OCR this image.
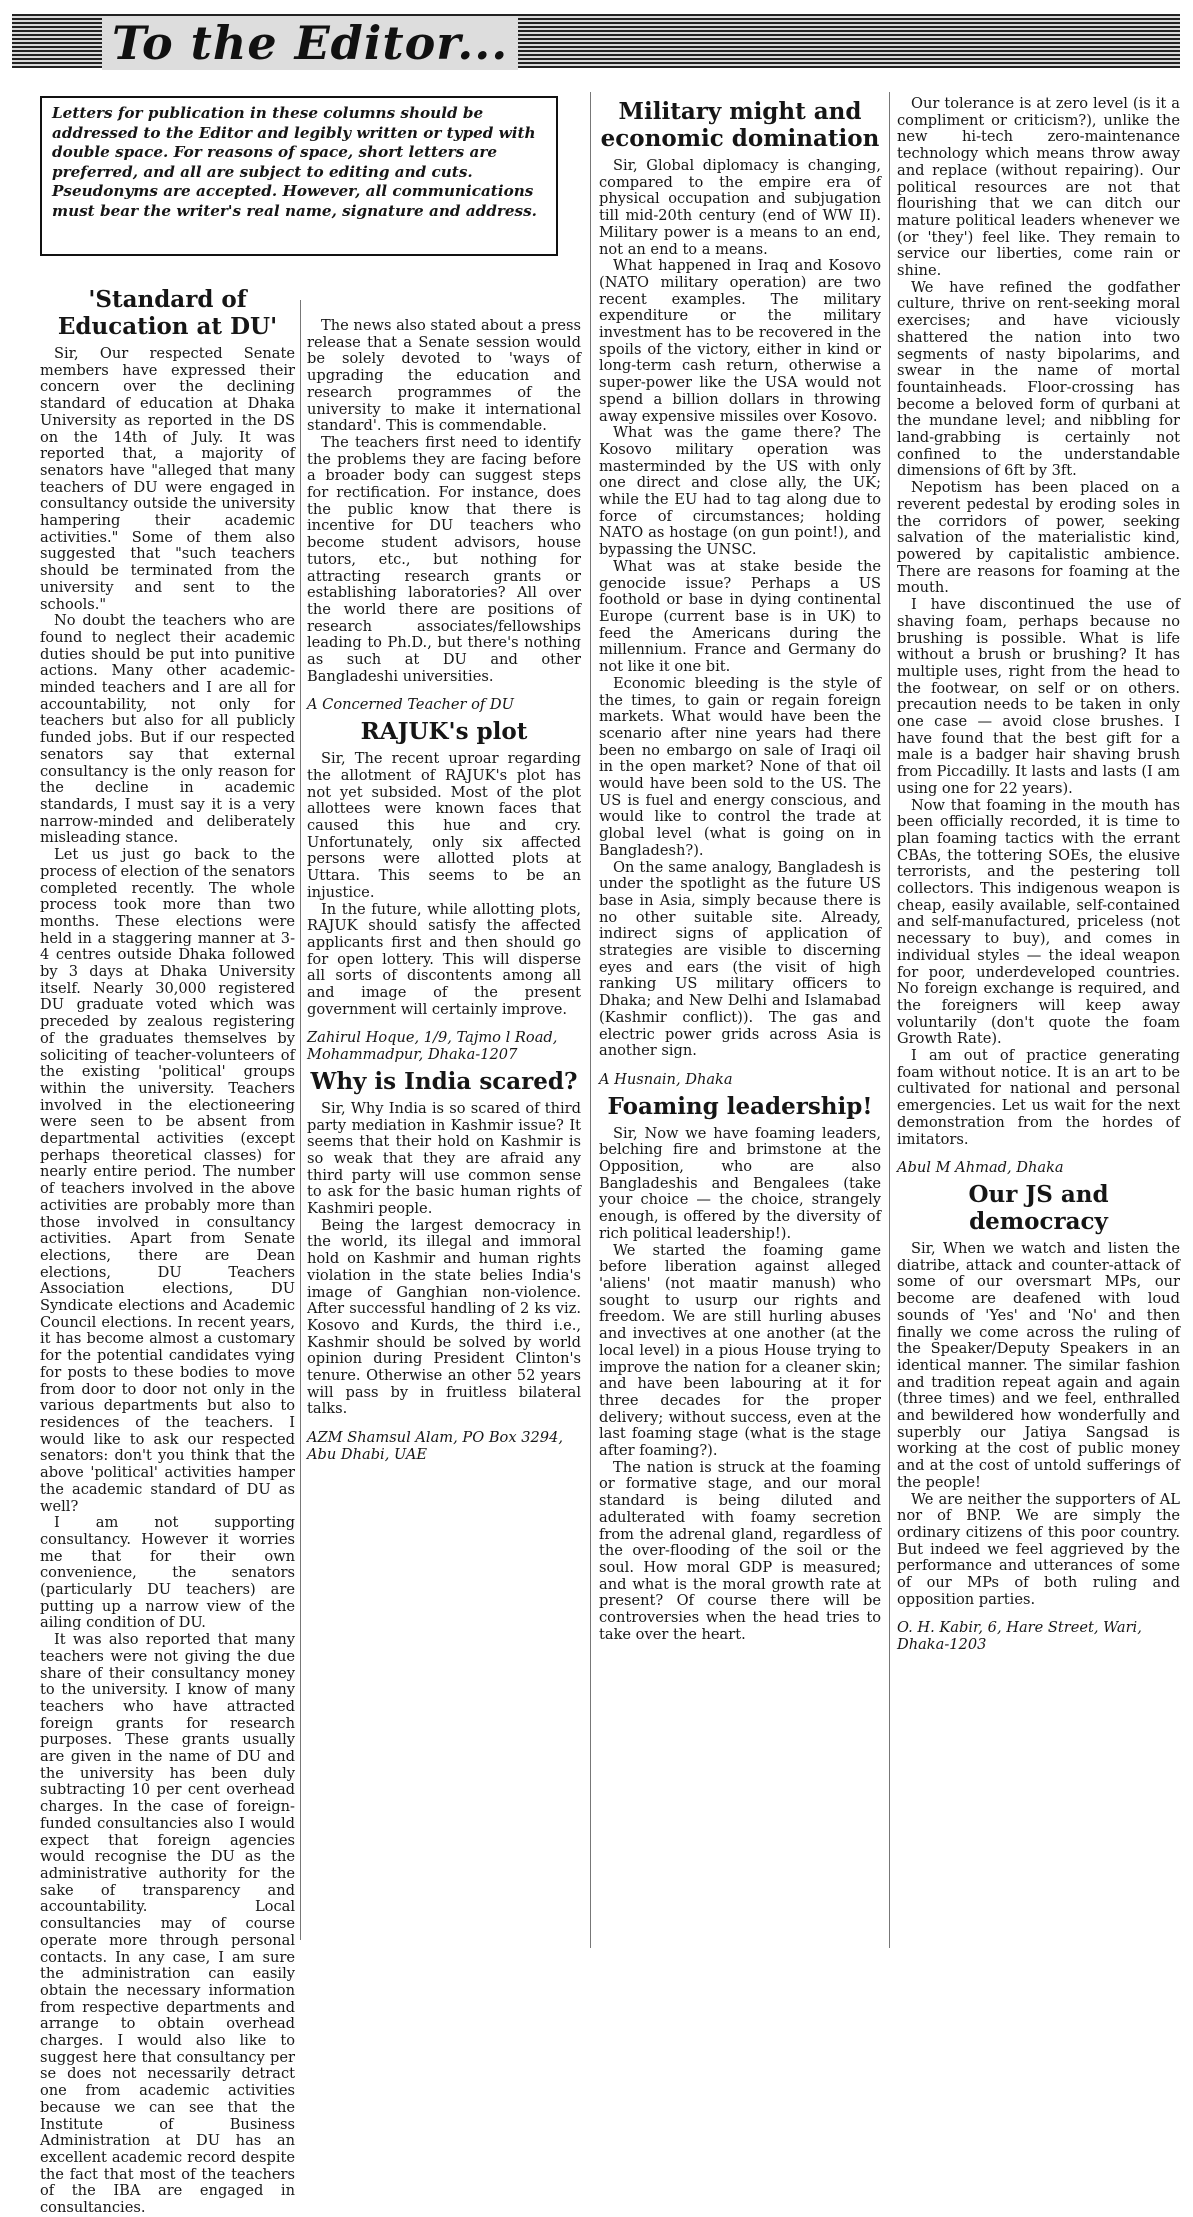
To the Editor...
Letters for publication in these columns should be addressed to the Editor and legibly written or typed with double space. For reasons of space, short letters are preferred, and all are subject to editing and cuts. Pseudonyms are accepted. However, all communications must bear the writer's real name, signature and address.
'Standard of Education at DU'

Sir, Our respected Senate members have expressed their concern over the declining standard of education at Dhaka University as reported in the DS on the 14th of July. It was reported that, a majority of senators have "alleged that many teachers of DU were engaged in consultancy outside the university hampering their academic activities." Some of them also suggested that "such teachers should be terminated from the university and sent to the schools."

No doubt the teachers who are found to neglect their academic duties should be put into punitive actions. Many other academic-minded teachers and I are all for accountability, not only for teachers but also for all publicly funded jobs. But if our respected senators say that external consultancy is the only reason for the decline in academic standards, I must say it is a very narrow-minded and deliberately misleading stance.

Let us just go back to the process of election of the senators completed recently. The whole process took more than two months. These elections were held in a staggering manner at 3-4 centres outside Dhaka followed by 3 days at Dhaka University itself. Nearly 30,000 registered DU graduate voted which was preceded by zealous registering of the graduates themselves by soliciting of teacher-volunteers of the existing 'political' groups within the university. Teachers involved in the electioneering were seen to be absent from departmental activities (except perhaps theoretical classes) for nearly entire period. The number of teachers involved in the above activities are probably more than those involved in consultancy activities. Apart from Senate elections, there are Dean elections, DU Teachers Association elections, DU Syndicate elections and Academic Council elections. In recent years, it has become almost a customary for the potential candidates vying for posts to these bodies to move from door to door not only in the various departments but also to residences of the teachers. I would like to ask our respected senators: don't you think that the above 'political' activities hamper the academic standard of DU as well?

I am not supporting consultancy. However it worries me that for their own convenience, the senators (particularly DU teachers) are putting up a narrow view of the ailing condition of DU.

It was also reported that many teachers were not giving the due share of their consultancy money to the university. I know of many teachers who have attracted foreign grants for research purposes. These grants usually are given in the name of DU and the university has been duly subtracting 10 per cent overhead charges. In the case of foreign-funded consultancies also I would expect that foreign agencies would recognise the DU as the administrative authority for the sake of transparency and accountability. Local consultancies may of course operate more through personal contacts. In any case, I am sure the administration can easily obtain the necessary information from respective departments and arrange to obtain overhead charges. I would also like to suggest here that consultancy per se does not necessarily detract one from academic activities because we can see that the Institute of Business Administration at DU has an excellent academic record despite the fact that most of the teachers of the IBA are engaged in consultancies.

The news also stated about a press release that a Senate session would be solely devoted to 'ways of upgrading the education and research programmes of the university to make it international standard'. This is commendable.

The teachers first need to identify the problems they are facing before a broader body can suggest steps for rectification. For instance, does the public know that there is incentive for DU teachers who become student advisors, house tutors, etc., but nothing for attracting research grants or establishing laboratories? All over the world there are positions of research associates/fellowships leading to Ph.D., but there's nothing as such at DU and other Bangladeshi universities.

A Concerned Teacher of DU

RAJUK's plot

Sir, The recent uproar regarding the allotment of RAJUK's plot has not yet subsided. Most of the plot allottees were known faces that caused this hue and cry. Unfortunately, only six affected persons were allotted plots at Uttara. This seems to be an injustice.

In the future, while allotting plots, RAJUK should satisfy the affected applicants first and then should go for open lottery. This will disperse all sorts of discontents among all and image of the present government will certainly improve.

Zahirul Hoque, 1/9, Tajmo l Road, Mohammadpur, Dhaka-1207

Why is India scared?

Sir, Why India is so scared of third party mediation in Kashmir issue? It seems that their hold on Kashmir is so weak that they are afraid any third party will use common sense to ask for the basic human rights of Kashmiri people.

Being the largest democracy in the world, its illegal and immoral hold on Kashmir and human rights violation in the state belies India's image of Ganghian non-violence. After successful handling of 2 ks viz. Kosovo and Kurds, the third i.e., Kashmir should be solved by world opinion during President Clinton's tenure. Otherwise an other 52 years will pass by in fruitless bilateral talks.

AZM Shamsul Alam, PO Box 3294, Abu Dhabi, UAE

Military might and economic domination

Sir, Global diplomacy is changing, compared to the empire era of physical occupation and subjugation till mid-20th century (end of WW II). Military power is a means to an end, not an end to a means.

What happened in Iraq and Kosovo (NATO military operation) are two recent examples. The military expenditure or the military investment has to be recovered in the spoils of the victory, either in kind or long-term cash return, otherwise a super-power like the USA would not spend a billion dollars in throwing away expensive missiles over Kosovo.

What was the game there? The Kosovo military operation was masterminded by the US with only one direct and close ally, the UK; while the EU had to tag along due to force of circumstances; holding NATO as hostage (on gun point!), and bypassing the UNSC.

What was at stake beside the genocide issue? Perhaps a US foothold or base in dying continental Europe (current base is in UK) to feed the Americans during the millennium. France and Germany do not like it one bit.

Economic bleeding is the style of the times, to gain or regain foreign markets. What would have been the scenario after nine years had there been no embargo on sale of Iraqi oil in the open market? None of that oil would have been sold to the US. The US is fuel and energy conscious, and would like to control the trade at global level (what is going on in Bangladesh?).

On the same analogy, Bangladesh is under the spotlight as the future US base in Asia, simply because there is no other suitable site. Already, indirect signs of application of strategies are visible to discerning eyes and ears (the visit of high ranking US military officers to Dhaka; and New Delhi and Islamabad (Kashmir conflict)). The gas and electric power grids across Asia is another sign.

A Husnain, Dhaka

Foaming leadership!

Sir, Now we have foaming leaders, belching fire and brimstone at the Opposition, who are also Bangladeshis and Bengalees (take your choice — the choice, strangely enough, is offered by the diversity of rich political leadership!).

We started the foaming game before liberation against alleged 'aliens' (not maatir manush) who sought to usurp our rights and freedom. We are still hurling abuses and invectives at one another (at the local level) in a pious House trying to improve the nation for a cleaner skin; and have been labouring at it for three decades for the proper delivery; without success, even at the last foaming stage (what is the stage after foaming?).

The nation is struck at the foaming or formative stage, and our moral standard is being diluted and adulterated with foamy secretion from the adrenal gland, regardless of the over-flooding of the soil or the soul. How moral GDP is measured; and what is the moral growth rate at present? Of course there will be controversies when the head tries to take over the heart.

Our tolerance is at zero level (is it a compliment or criticism?), unlike the new hi-tech zero-maintenance technology which means throw away and replace (without repairing). Our political resources are not that flourishing that we can ditch our mature political leaders whenever we (or 'they') feel like. They remain to service our liberties, come rain or shine.

We have refined the godfather culture, thrive on rent-seeking moral exercises; and have viciously shattered the nation into two segments of nasty bipolarims, and swear in the name of mortal fountainheads. Floor-crossing has become a beloved form of qurbani at the mundane level; and nibbling for land-grabbing is certainly not confined to the understandable dimensions of 6ft by 3ft.

Nepotism has been placed on a reverent pedestal by eroding soles in the corridors of power, seeking salvation of the materialistic kind, powered by capitalistic ambience. There are reasons for foaming at the mouth.

I have discontinued the use of shaving foam, perhaps because no brushing is possible. What is life without a brush or brushing? It has multiple uses, right from the head to the footwear, on self or on others. precaution needs to be taken in only one case — avoid close brushes. I have found that the best gift for a male is a badger hair shaving brush from Piccadilly. It lasts and lasts (I am using one for 22 years).

Now that foaming in the mouth has been officially recorded, it is time to plan foaming tactics with the errant CBAs, the tottering SOEs, the elusive terrorists, and the pestering toll collectors. This indigenous weapon is cheap, easily available, self-contained and self-manufactured, priceless (not necessary to buy), and comes in individual styles — the ideal weapon for poor, underdeveloped countries. No foreign exchange is required, and the foreigners will keep away voluntarily (don't quote the foam Growth Rate).

I am out of practice generating foam without notice. It is an art to be cultivated for national and personal emergencies. Let us wait for the next demonstration from the hordes of imitators.

Abul M Ahmad, Dhaka

Our JS and democracy

Sir, When we watch and listen the diatribe, attack and counter-attack of some of our oversmart MPs, our become are deafened with loud sounds of 'Yes' and 'No' and then finally we come across the ruling of the Speaker/Deputy Speakers in an identical manner. The similar fashion and tradition repeat again and again (three times) and we feel, enthralled and bewildered how wonderfully and superbly our Jatiya Sangsad is working at the cost of public money and at the cost of untold sufferings of the people!

We are neither the supporters of AL nor of BNP. We are simply the ordinary citizens of this poor country. But indeed we feel aggrieved by the performance and utterances of some of our MPs of both ruling and opposition parties.

O. H. Kabir, 6, Hare Street, Wari, Dhaka-1203
